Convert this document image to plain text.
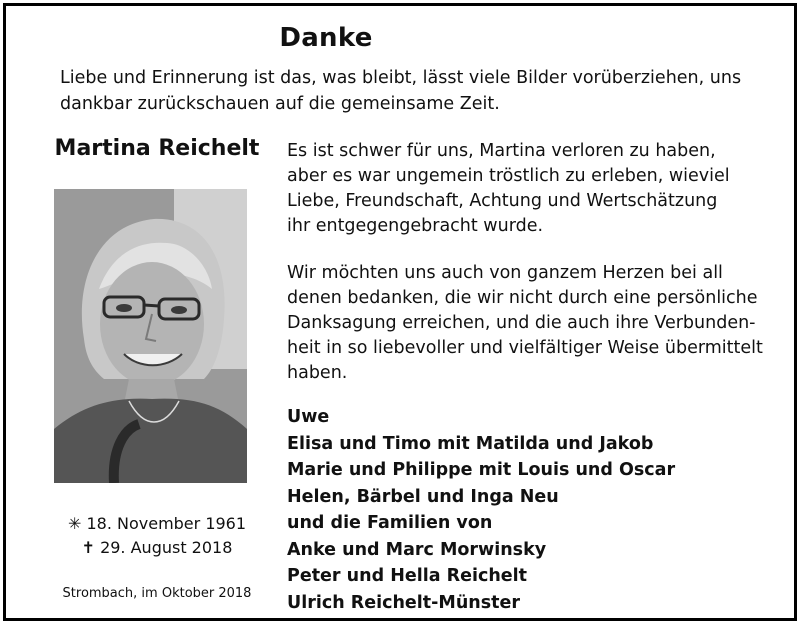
Danke
Liebe und Erinnerung ist das, was bleibt, lässt viele Bilder vorüberziehen, uns
dankbar zurückschauen auf die gemeinsame Zeit.
Martina Reichelt
✳ 18. November 1961
✝ 29. August 2018
Strombach, im Oktober 2018
Es ist schwer für uns, Martina verloren zu haben,
aber es war ungemein tröstlich zu erleben, wieviel
Liebe, Freundschaft, Achtung und Wertschätzung
ihr entgegengebracht wurde.
Wir möchten uns auch von ganzem Herzen bei all
denen bedanken, die wir nicht durch eine persönliche
Danksagung erreichen, und die auch ihre Verbunden-
heit in so liebevoller und vielfältiger Weise übermittelt
haben.
Uwe
Elisa und Timo mit Matilda und Jakob
Marie und Philippe mit Louis und Oscar
Helen, Bärbel und Inga Neu
und die Familien von
Anke und Marc Morwinsky
Peter und Hella Reichelt
Ulrich Reichelt-Münster
